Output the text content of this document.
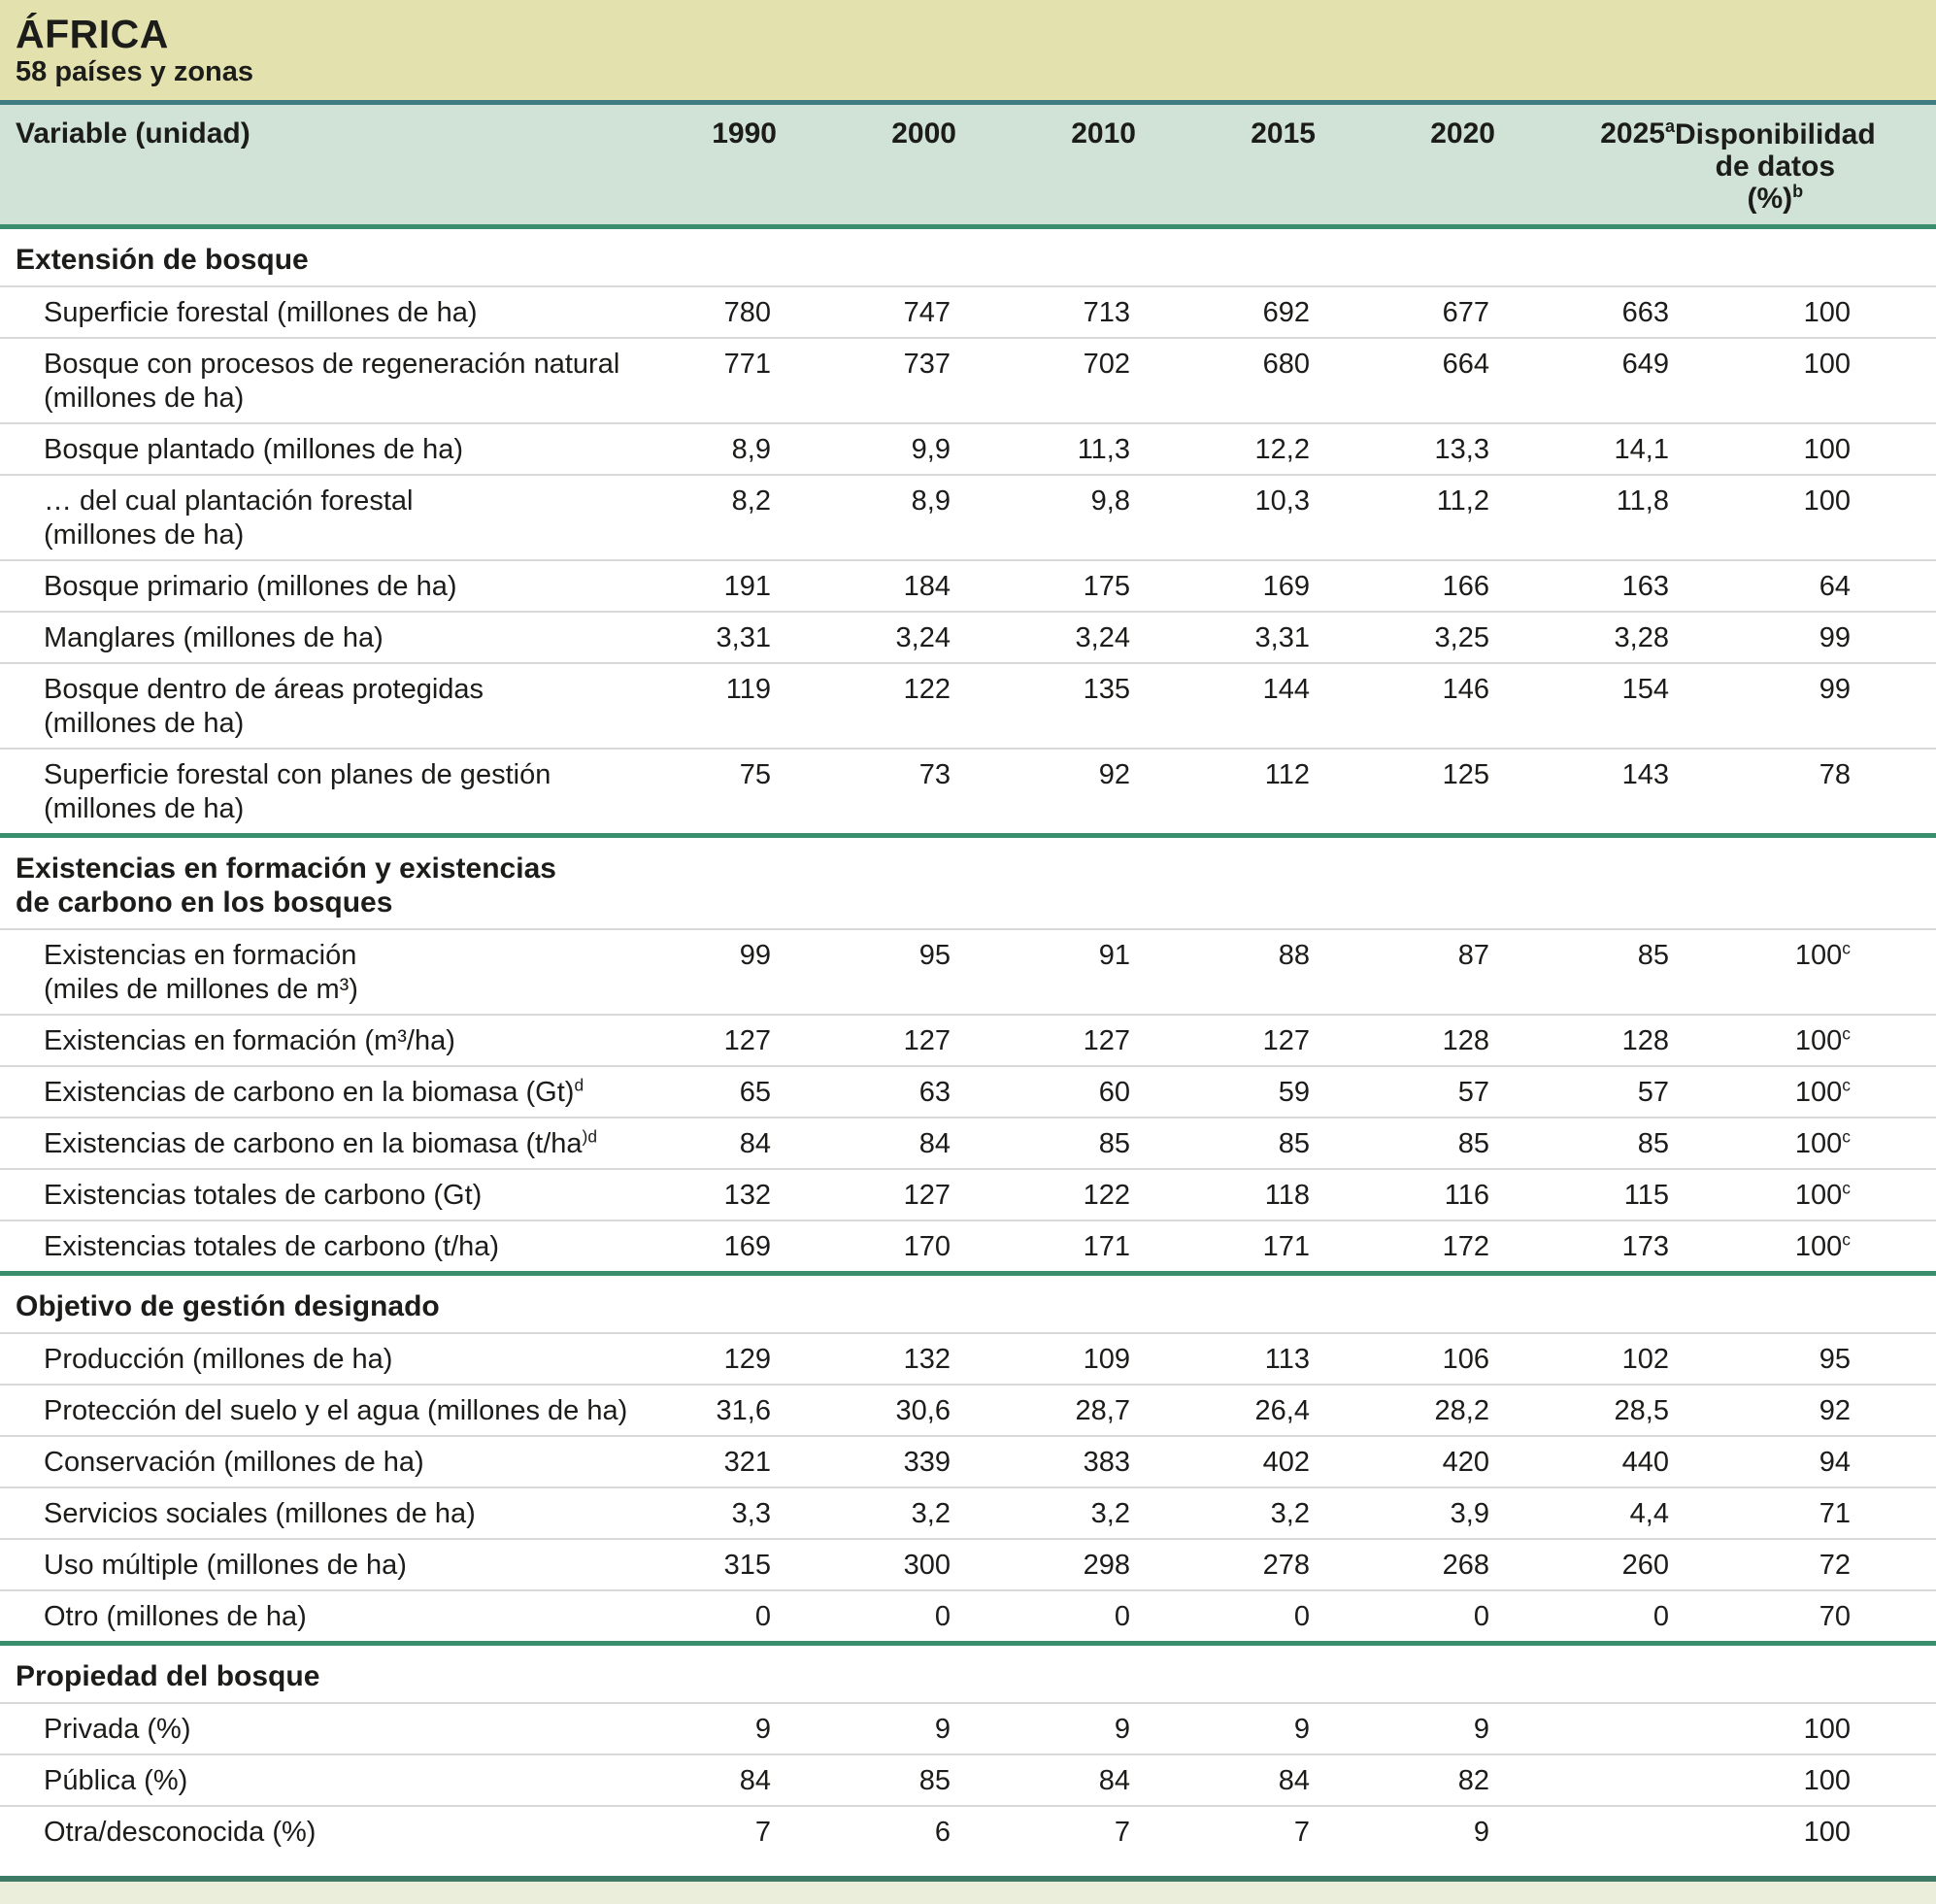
ÁFRICA
58 países y zonas
Variable (unidad)	1990	2000	2010	2015	2020	2025$^a$	Disponibilidad
de datos
(%)$^b$
Extensión de bosque							
Superficie forestal (millones de ha)	780	747	713	692	677	663	100
Bosque con procesos de regeneración natural
(millones de ha)	771	737	702	680	664	649	100
Bosque plantado (millones de ha)	8,9	9,9	11,3	12,2	13,3	14,1	100
… del cual plantación forestal
(millones de ha)	8,2	8,9	9,8	10,3	11,2	11,8	100
Bosque primario (millones de ha)	191	184	175	169	166	163	64
Manglares (millones de ha)	3,31	3,24	3,24	3,31	3,25	3,28	99
Bosque dentro de áreas protegidas
(millones de ha)	119	122	135	144	146	154	99
Superficie forestal con planes de gestión
(millones de ha)	75	73	92	112	125	143	78
Existencias en formación y existencias
de carbono en los bosques							
Existencias en formación
(miles de millones de m³)	99	95	91	88	87	85	100$^c$
Existencias en formación (m³/ha)	127	127	127	127	128	128	100$^c$
Existencias de carbono en la biomasa $(Gt)^d$	65	63	60	59	57	57	100$^c$
Existencias de carbono en la biomasa ($t/ha^{)d}$	84	84	85	85	85	85	100$^c$
Existencias totales de carbono (Gt)	132	127	122	118	116	115	100$^c$
Existencias totales de carbono (t/ha)	169	170	171	171	172	173	100$^c$
Objetivo de gestión designado							
Producción (millones de ha)	129	132	109	113	106	102	95
Protección del suelo y el agua (millones de ha)	31,6	30,6	28,7	26,4	28,2	28,5	92
Conservación (millones de ha)	321	339	383	402	420	440	94
Servicios sociales (millones de ha)	3,3	3,2	3,2	3,2	3,9	4,4	71
Uso múltiple (millones de ha)	315	300	298	278	268	260	72
Otro (millones de ha)	0	0	0	0	0	0	70
Propiedad del bosque							
Privada (%)	9	9	9	9	9		100
Pública (%)	84	85	84	84	82		100
Otra/desconocida (%)	7	6	7	7	9		100
